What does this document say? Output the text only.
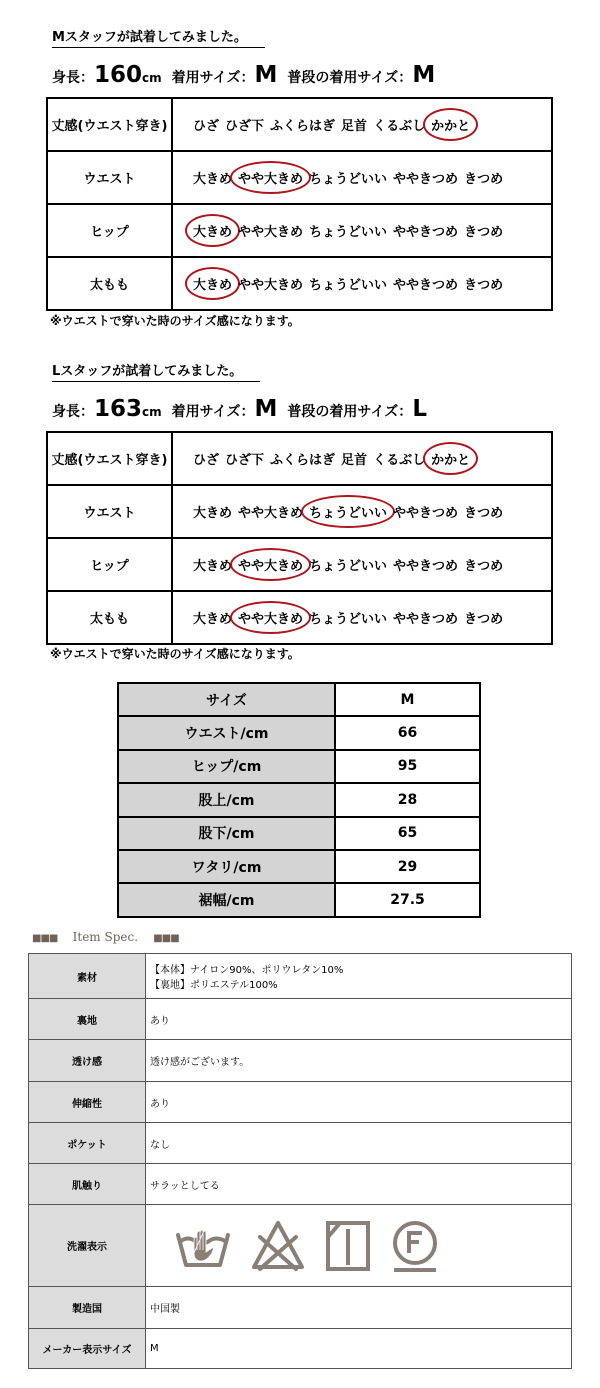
Mスタッフが試着してみました。
身長：160cm 着用サイズ：M 普段の着用サイズ：M
丈感(ウエスト穿き)	ひざ ひざ下 ふくらはぎ 足首 くるぶし かかと
ウエスト	大きめ やや大きめ ちょうどいい ややきつめ きつめ
ヒップ	大きめ やや大きめ ちょうどいい ややきつめ きつめ
太もも	大きめ やや大きめ ちょうどいい ややきつめ きつめ
※ウエストで穿いた時のサイズ感になります。
Lスタッフが試着してみました。
身長：163cm 着用サイズ：M 普段の着用サイズ：L
丈感(ウエスト穿き)	ひざ ひざ下 ふくらはぎ 足首 くるぶし かかと
ウエスト	大きめ やや大きめ ちょうどいい ややきつめ きつめ
ヒップ	大きめ やや大きめ ちょうどいい ややきつめ きつめ
太もも	大きめ やや大きめ ちょうどいい ややきつめ きつめ
※ウエストで穿いた時のサイズ感になります。
サイズ	M
ウエスト/cm	66
ヒップ/cm	95
股上/cm	28
股下/cm	65
ワタリ/cm	29
裾幅/cm	27.5
■■■ Item Spec. ■■■
素材	【本体】ナイロン90%、ポリウレタン10%
【裏地】ポリエステル100%

裏地	あり
透け感	透け感がございます。
伸縮性	あり
ポケット	なし
肌触り	サラッとしてる
洗濯表示	

製造国	中国製
メーカー表示サイズ	M
